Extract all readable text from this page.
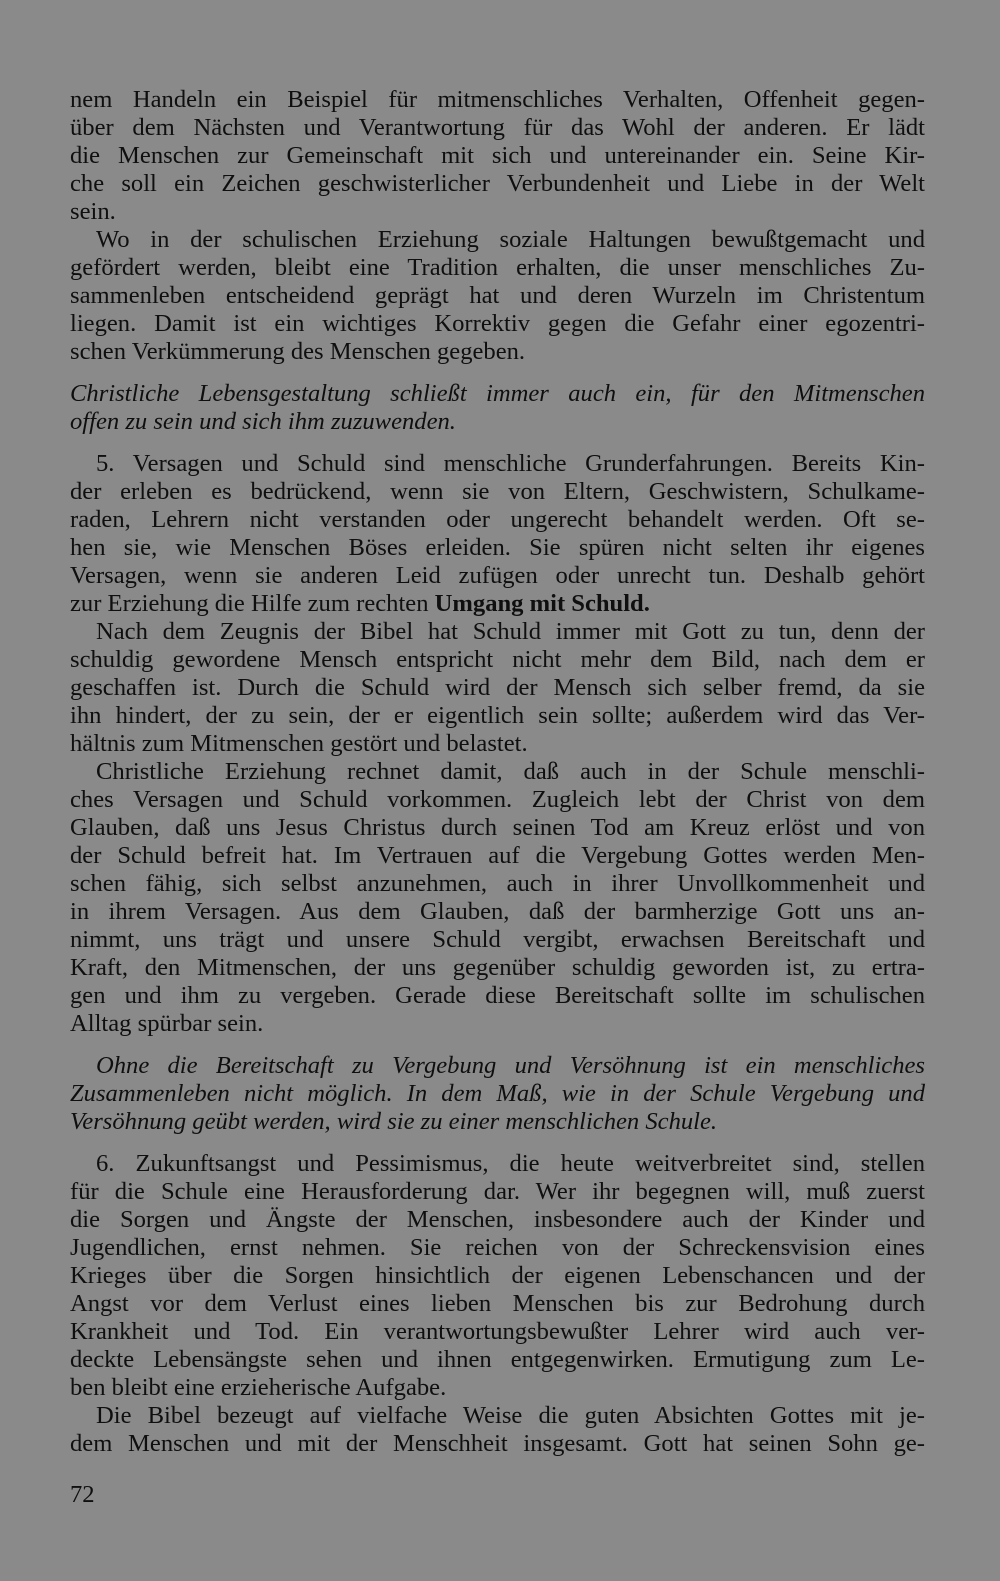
nem Handeln ein Beispiel für mitmenschliches Verhalten, Offenheit gegen-
über dem Nächsten und Verantwortung für das Wohl der anderen. Er lädt
die Menschen zur Gemeinschaft mit sich und untereinander ein. Seine Kir-
che soll ein Zeichen geschwisterlicher Verbundenheit und Liebe in der Welt
sein.
Wo in der schulischen Erziehung soziale Haltungen bewußtgemacht und
gefördert werden, bleibt eine Tradition erhalten, die unser menschliches Zu-
sammenleben entscheidend geprägt hat und deren Wurzeln im Christentum
liegen. Damit ist ein wichtiges Korrektiv gegen die Gefahr einer egozentri-
schen Verkümmerung des Menschen gegeben.
Christliche Lebensgestaltung schließt immer auch ein, für den Mitmenschen
offen zu sein und sich ihm zuzuwenden.
5. Versagen und Schuld sind menschliche Grunderfahrungen. Bereits Kin-
der erleben es bedrückend, wenn sie von Eltern, Geschwistern, Schulkame-
raden, Lehrern nicht verstanden oder ungerecht behandelt werden. Oft se-
hen sie, wie Menschen Böses erleiden. Sie spüren nicht selten ihr eigenes
Versagen, wenn sie anderen Leid zufügen oder unrecht tun. Deshalb gehört
zur Erziehung die Hilfe zum rechten Umgang mit Schuld.
Nach dem Zeugnis der Bibel hat Schuld immer mit Gott zu tun, denn der
schuldig gewordene Mensch entspricht nicht mehr dem Bild, nach dem er
geschaffen ist. Durch die Schuld wird der Mensch sich selber fremd, da sie
ihn hindert, der zu sein, der er eigentlich sein sollte; außerdem wird das Ver-
hältnis zum Mitmenschen gestört und belastet.
Christliche Erziehung rechnet damit, daß auch in der Schule menschli-
ches Versagen und Schuld vorkommen. Zugleich lebt der Christ von dem
Glauben, daß uns Jesus Christus durch seinen Tod am Kreuz erlöst und von
der Schuld befreit hat. Im Vertrauen auf die Vergebung Gottes werden Men-
schen fähig, sich selbst anzunehmen, auch in ihrer Unvollkommenheit und
in ihrem Versagen. Aus dem Glauben, daß der barmherzige Gott uns an-
nimmt, uns trägt und unsere Schuld vergibt, erwachsen Bereitschaft und
Kraft, den Mitmenschen, der uns gegenüber schuldig geworden ist, zu ertra-
gen und ihm zu vergeben. Gerade diese Bereitschaft sollte im schulischen
Alltag spürbar sein.
Ohne die Bereitschaft zu Vergebung und Versöhnung ist ein menschliches
Zusammenleben nicht möglich. In dem Maß, wie in der Schule Vergebung und
Versöhnung geübt werden, wird sie zu einer menschlichen Schule.
6. Zukunftsangst und Pessimismus, die heute weitverbreitet sind, stellen
für die Schule eine Herausforderung dar. Wer ihr begegnen will, muß zuerst
die Sorgen und Ängste der Menschen, insbesondere auch der Kinder und
Jugendlichen, ernst nehmen. Sie reichen von der Schreckensvision eines
Krieges über die Sorgen hinsichtlich der eigenen Lebenschancen und der
Angst vor dem Verlust eines lieben Menschen bis zur Bedrohung durch
Krankheit und Tod. Ein verantwortungsbewußter Lehrer wird auch ver-
deckte Lebensängste sehen und ihnen entgegenwirken. Ermutigung zum Le-
ben bleibt eine erzieherische Aufgabe.
Die Bibel bezeugt auf vielfache Weise die guten Absichten Gottes mit je-
dem Menschen und mit der Menschheit insgesamt. Gott hat seinen Sohn ge-
72
